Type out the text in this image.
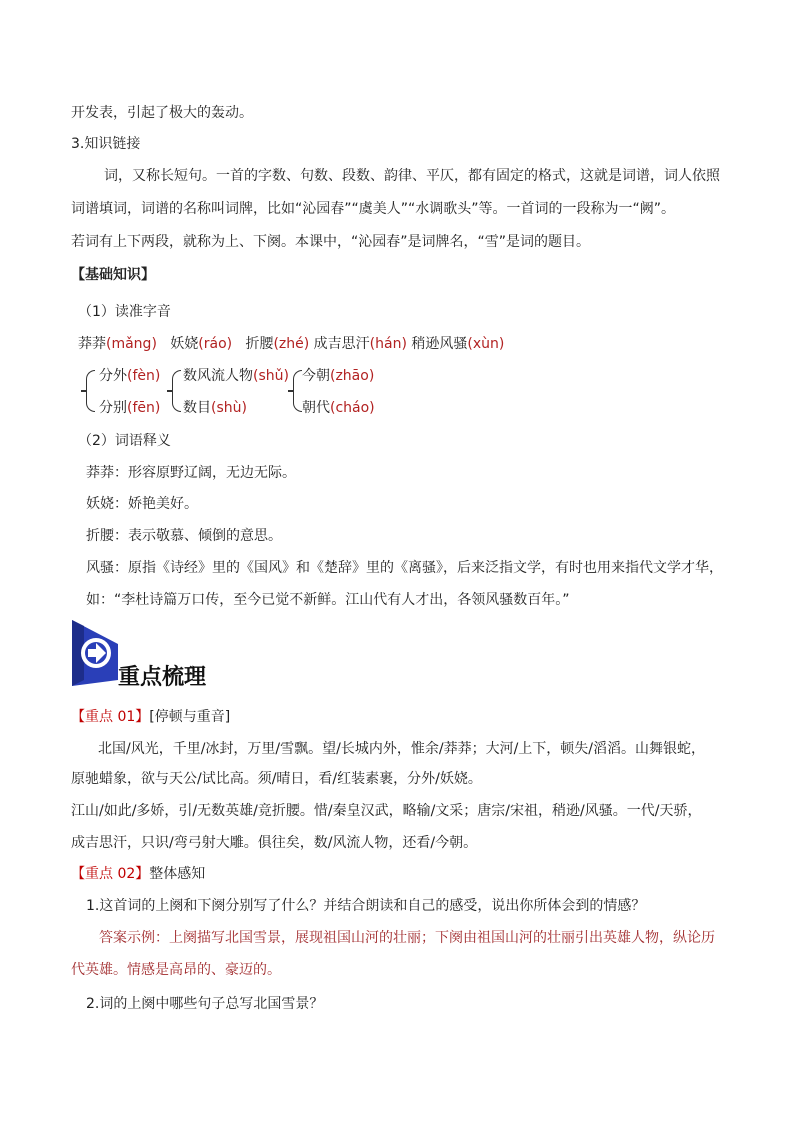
开发表，引起了极大的轰动。
3.知识链接
词，又称长短句。一首的字数、句数、段数、韵律、平仄，都有固定的格式，这就是词谱，词人依照
词谱填词，词谱的名称叫词牌，比如“沁园春”“虞美人”“水调歌头”等。一首词的一段称为一“阙”。
若词有上下两段，就称为上、下阕。本课中，“沁园春”是词牌名，“雪”是词的题目。
【基础知识】
（1）读准字音
莽莽(mǎng) 妖娆(ráo) 折腰(zhé) 成吉思汗(hán) 稍逊风骚(xùn)
分外(fèn)
分别(fēn)
数风流人物(shǔ)
数目(shù)
今朝(zhāo)
朝代(cháo)
（2）词语释义
莽莽：形容原野辽阔，无边无际。
妖娆：娇艳美好。
折腰：表示敬慕、倾倒的意思。
风骚：原指《诗经》里的《国风》和《楚辞》里的《离骚》，后来泛指文学，有时也用来指代文学才华，
如：“李杜诗篇万口传，至今已觉不新鲜。江山代有人才出，各领风骚数百年。”
重点梳理
【重点 01】[停顿与重音]
北国/风光，千里/冰封，万里/雪飘。望/长城内外，惟余/莽莽；大河/上下，顿失/滔滔。山舞银蛇，
原驰蜡象，欲与天公/试比高。须/晴日，看/红装素裹，分外/妖娆。
江山/如此/多娇，引/无数英雄/竞折腰。惜/秦皇汉武，略输/文采；唐宗/宋祖，稍逊/风骚。一代/天骄，
成吉思汗，只识/弯弓射大雕。俱往矣，数/风流人物，还看/今朝。
【重点 02】整体感知
1.这首词的上阕和下阕分别写了什么？并结合朗读和自己的感受，说出你所体会到的情感？
答案示例：上阕描写北国雪景，展现祖国山河的壮丽；下阕由祖国山河的壮丽引出英雄人物，纵论历
代英雄。情感是高昂的、豪迈的。
2.词的上阕中哪些句子总写北国雪景？
